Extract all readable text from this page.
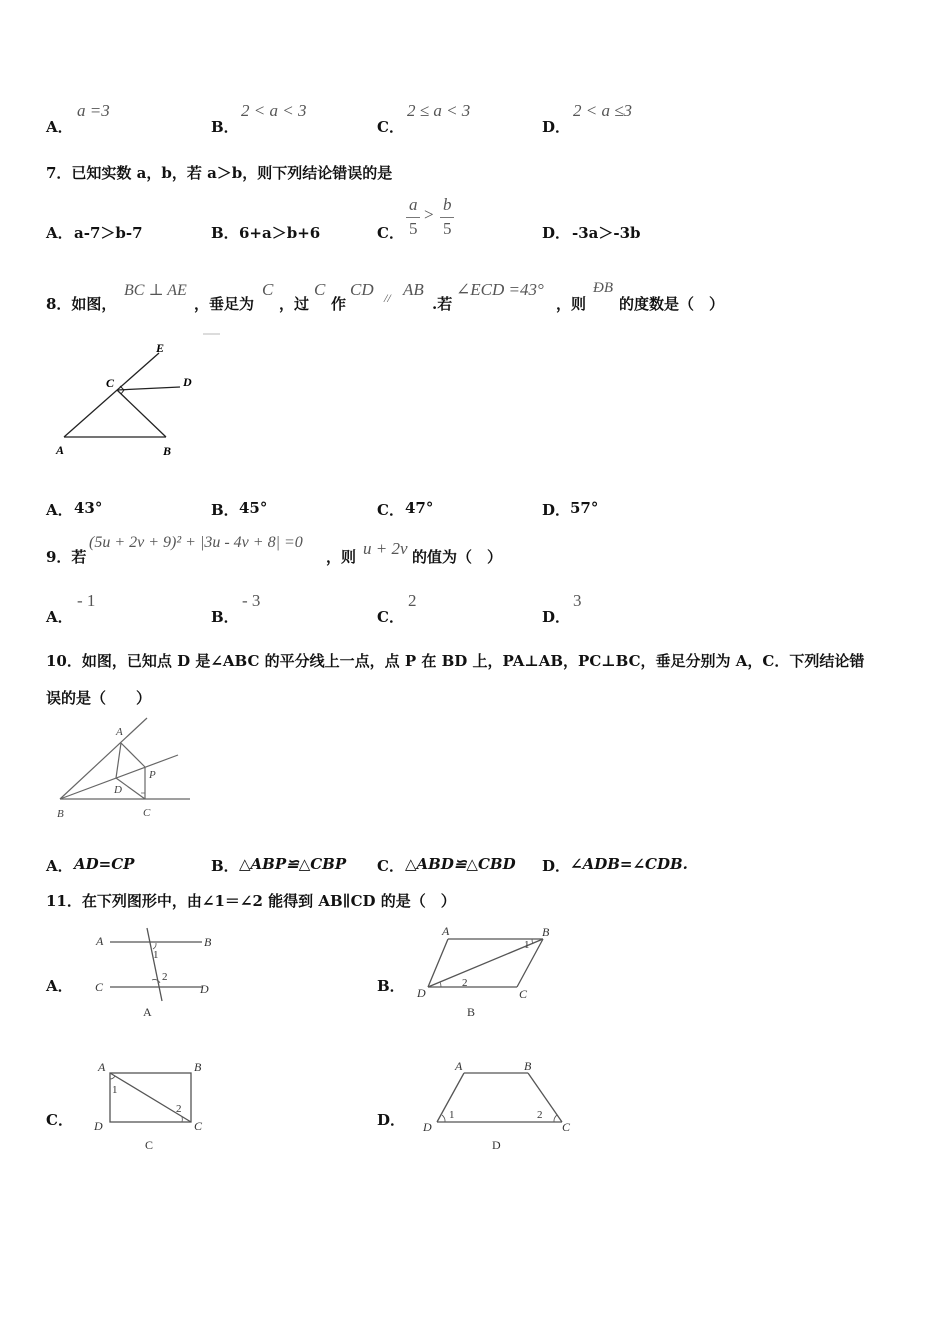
A．
a =3
B．
2 < a < 3
C．
2 ≤ a < 3
D．
2 < a ≤3
7．已知实数 a，b，若 a＞b，则下列结论错误的是
A． a-7＞b-7	B． 6+a＞b+6	C．
a
5
>
b
5	D． -3a＞-3b
8．如图，
BC ⊥ AE
，垂足为
C
，过
C
作
CD // AB
.若
∠ECD =43°
，则
ÐB
的度数是（　）
E
C	D
A	B
A． 43°	B． 45°	C． 47°	D． 57°
9．若
(5u + 2v + 9)² + |3u - 4v + 8| =0
，则 u + 2v 的值为（　）
A．
- 1
B．
- 3
C．
2
D．
3
10．如图，已知点 D 是∠ABC 的平分线上一点，点 P 在 BD 上，PA⊥AB，PC⊥BC，垂足分别为 A，C．下列结论错
误的是（　　）
A
P
D
B	C
A． AD=CP	B． △ABP≌△CBP C． △ABD≌△CBD D． ∠ADB=∠CDB.
11．在下列图形中，由∠1＝∠2 能得到 AB∥CD 的是（　）
A．
A	B
C	D
1
2
A
B．
A	B
C
D
1
2
B
C．
A	B
C
D
1
2
C
D．
A	B
C
D
1	2
D
